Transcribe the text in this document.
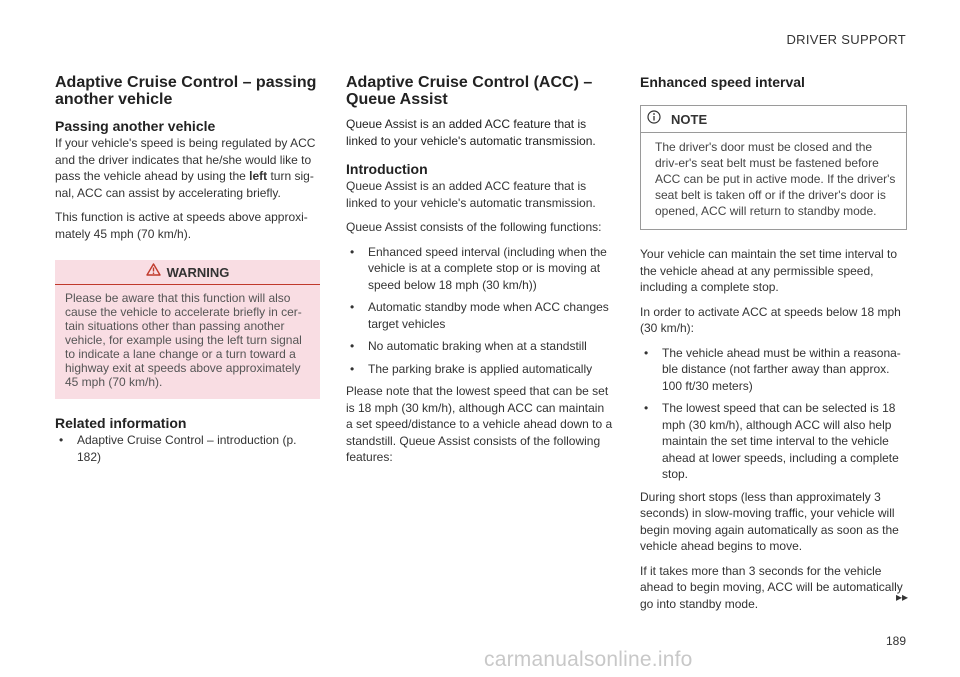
DRIVER SUPPORT
Adaptive Cruise Control – passing another vehicle
Passing another vehicle

If your vehicle's speed is being regulated by ACC and the driver indicates that he/she would like to pass the vehicle ahead by using the left turn sig-nal, ACC can assist by accelerating briefly.

This function is active at speeds above approxi-mately 45 mph (70 km/h).

WARNING
Please be aware that this function will also cause the vehicle to accelerate briefly in cer-tain situations other than passing another vehicle, for example using the left turn signal to indicate a lane change or a turn toward a highway exit at speeds above approximately 45 mph (70 km/h).
Related information
• Adaptive Cruise Control – introduction (p. 182)
Adaptive Cruise Control (ACC) – Queue Assist

Queue Assist is an added ACC feature that is linked to your vehicle's automatic transmission.

Introduction

Queue Assist is an added ACC feature that is linked to your vehicle's automatic transmission.

Queue Assist consists of the following functions:

• Enhanced speed interval (including when the vehicle is at a complete stop or is moving at speed below 18 mph (30 km/h))
• Automatic standby mode when ACC changes target vehicles
• No automatic braking when at a standstill
• The parking brake is applied automatically

Please note that the lowest speed that can be set is 18 mph (30 km/h), although ACC can maintain a set speed/distance to a vehicle ahead down to a standstill. Queue Assist consists of the following features:

Enhanced speed interval
NOTE
The driver's door must be closed and the driv-er's seat belt must be fastened before ACC can be put in active mode. If the driver's seat belt is taken off or if the driver's door is opened, ACC will return to standby mode.

Your vehicle can maintain the set time interval to the vehicle ahead at any permissible speed, including a complete stop.

In order to activate ACC at speeds below 18 mph (30 km/h):

• The vehicle ahead must be within a reasona-ble distance (not farther away than approx. 100 ft/30 meters)
• The lowest speed that can be selected is 18 mph (30 km/h), although ACC will also help maintain the set time interval to the vehicle ahead at lower speeds, including a complete stop.

During short stops (less than approximately 3 seconds) in slow-moving traffic, your vehicle will begin moving again automatically as soon as the vehicle ahead begins to move.

If it takes more than 3 seconds for the vehicle ahead to begin moving, ACC will be automatically go into standby mode.	▸▸
189
carmanualsonline.info
